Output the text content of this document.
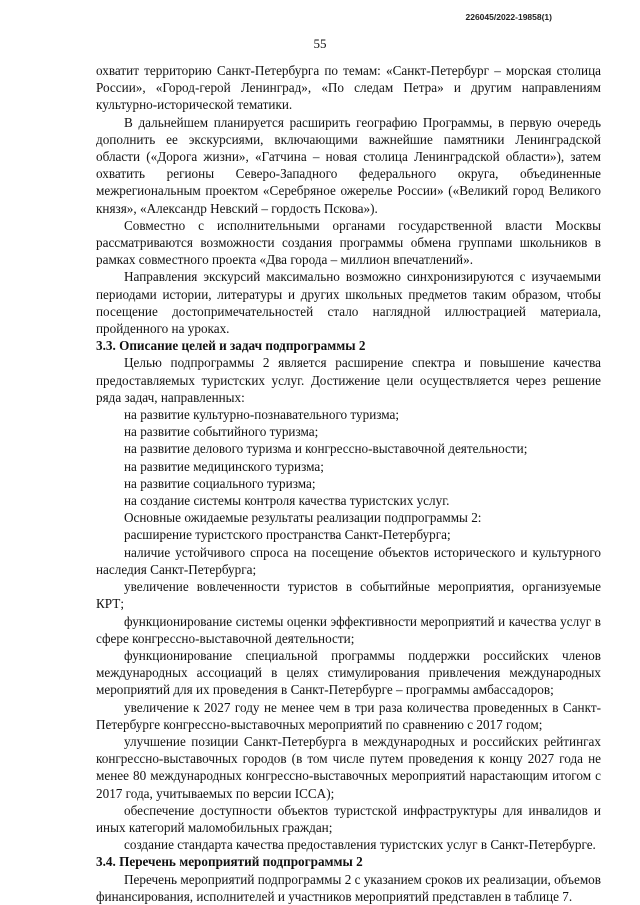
226045/2022-19858(1)
55

охватит территорию Санкт-Петербурга по темам: «Санкт-Петербург – морская столица России», «Город-герой Ленинград», «По следам Петра» и другим направлениям культурно-исторической тематики.

В дальнейшем планируется расширить географию Программы, в первую очередь дополнить ее экскурсиями, включающими важнейшие памятники Ленинградской области («Дорога жизни», «Гатчина – новая столица Ленинградской области»), затем охватить регионы Северо-Западного федерального округа, объединенные межрегиональным проектом «Серебряное ожерелье России» («Великий город Великого князя», «Александр Невский – гордость Пскова»).

Совместно с исполнительными органами государственной власти Москвы рассматриваются возможности создания программы обмена группами школьников в рамках совместного проекта «Два города – миллион впечатлений».

Направления экскурсий максимально возможно синхронизируются с изучаемыми периодами истории, литературы и других школьных предметов таким образом, чтобы посещение достопримечательностей стало наглядной иллюстрацией материала, пройденного на уроках.

3.3. Описание целей и задач подпрограммы 2

Целью подпрограммы 2 является расширение спектра и повышение качества предоставляемых туристских услуг. Достижение цели осуществляется через решение ряда задач, направленных:

на развитие культурно-познавательного туризма;

на развитие событийного туризма;

на развитие делового туризма и конгрессно-выставочной деятельности;

на развитие медицинского туризма;

на развитие социального туризма;

на создание системы контроля качества туристских услуг.

Основные ожидаемые результаты реализации подпрограммы 2:

расширение туристского пространства Санкт-Петербурга;

наличие устойчивого спроса на посещение объектов исторического и культурного наследия Санкт-Петербурга;

увеличение вовлеченности туристов в событийные мероприятия, организуемые КРТ;

функционирование системы оценки эффективности мероприятий и качества услуг в сфере конгрессно-выставочной деятельности;

функционирование специальной программы поддержки российских членов международных ассоциаций в целях стимулирования привлечения международных мероприятий для их проведения в Санкт-Петербурге – программы амбассадоров;

увеличение к 2027 году не менее чем в три раза количества проведенных в Санкт-Петербурге конгрессно-выставочных мероприятий по сравнению с 2017 годом;

улучшение позиции Санкт-Петербурга в международных и российских рейтингах конгрессно-выставочных городов (в том числе путем проведения к концу 2027 года не менее 80 международных конгрессно-выставочных мероприятий нарастающим итогом с 2017 года, учитываемых по версии ICCA);

обеспечение доступности объектов туристской инфраструктуры для инвалидов и иных категорий маломобильных граждан;

создание стандарта качества предоставления туристских услуг в Санкт-Петербурге.

3.4. Перечень мероприятий подпрограммы 2

Перечень мероприятий подпрограммы 2 с указанием сроков их реализации, объемов финансирования, исполнителей и участников мероприятий представлен в таблице 7.
